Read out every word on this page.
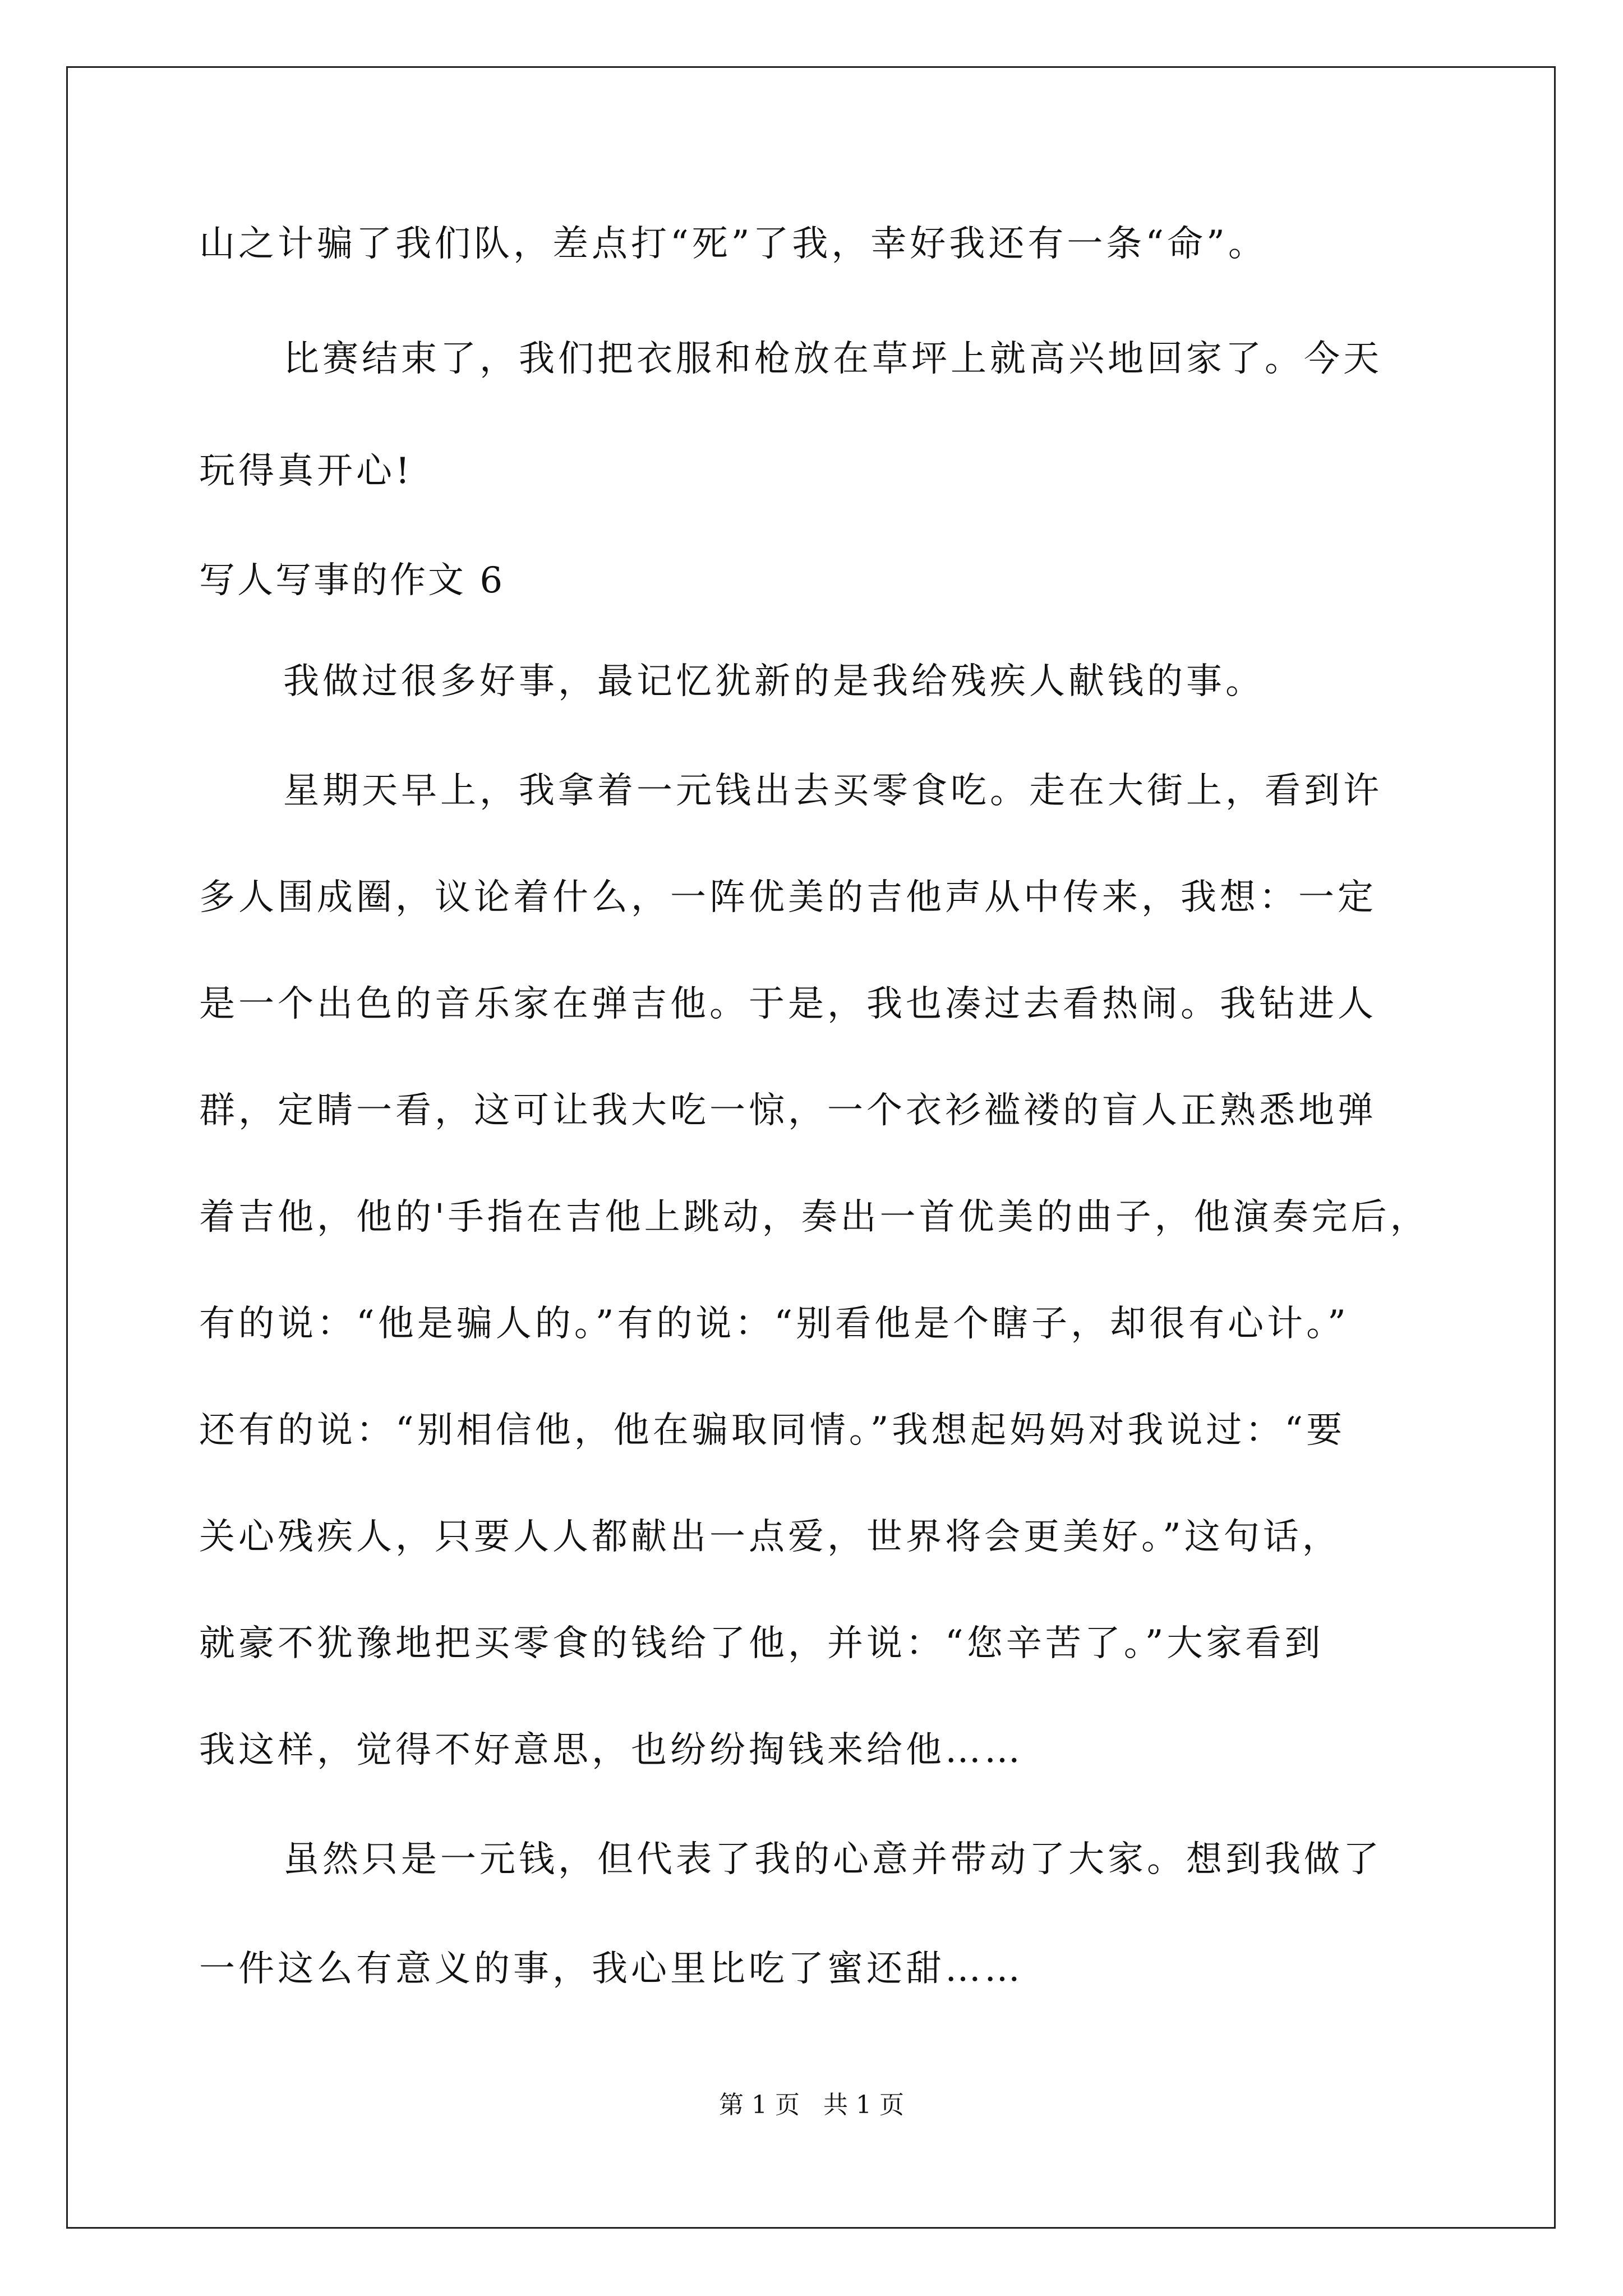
山之计骗了我们队，差点打“死”了我，幸好我还有一条“命”。
比赛结束了，我们把衣服和枪放在草坪上就高兴地回家了。今天
玩得真开心!
写人写事的作文 6
我做过很多好事，最记忆犹新的是我给残疾人献钱的事。
星期天早上，我拿着一元钱出去买零食吃。走在大街上，看到许
多人围成圈，议论着什么，一阵优美的吉他声从中传来，我想：一定
是一个出色的音乐家在弹吉他。于是，我也凑过去看热闹。我钻进人
群，定睛一看，这可让我大吃一惊，一个衣衫褴褛的盲人正熟悉地弹
着吉他，他的'手指在吉他上跳动，奏出一首优美的曲子，他演奏完后，
有的说：“他是骗人的。”有的说：“别看他是个瞎子，却很有心计。”
还有的说：“别相信他，他在骗取同情。”我想起妈妈对我说过：“要
关心残疾人，只要人人都献出一点爱，世界将会更美好。”这句话，
就豪不犹豫地把买零食的钱给了他，并说：“您辛苦了。”大家看到
我这样，觉得不好意思，也纷纷掏钱来给他……
虽然只是一元钱，但代表了我的心意并带动了大家。想到我做了
一件这么有意义的事，我心里比吃了蜜还甜……
第 1 页   共 1 页
